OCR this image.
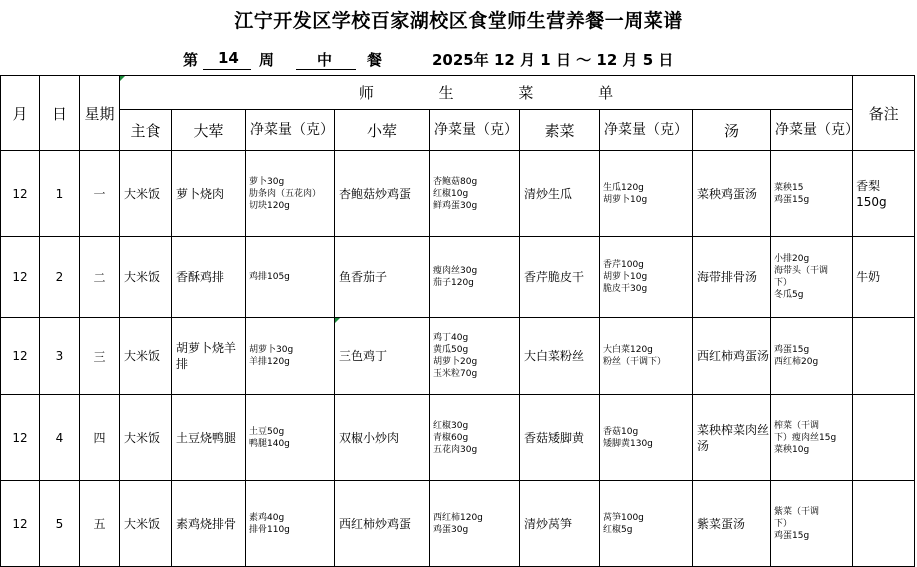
江宁开发区学校百家湖校区食堂师生营养餐一周菜谱
第 14 周	中 餐	2025年 12 月 1 日 ～ 12 月 5 日
月	日	星期	师 生 菜 单									备注
			主食	大荤	净菜量（克）	小荤	净菜量（克）	素菜	净菜量（克）	汤	净菜量（克）	
12	1	一	大米饭	萝卜烧肉	萝卜30g
肋条肉（五花肉）
切块120g	杏鲍菇炒鸡蛋	杏鲍菇80g
红椒10g
鲜鸡蛋30g	清炒生瓜	生瓜120g
胡萝卜10g	菜秧鸡蛋汤	菜秧15
鸡蛋15g	香梨
150g
12	2	二	大米饭	香酥鸡排	鸡排105g	鱼香茄子	瘦肉丝30g
茄子120g	香芹脆皮干	香芹100g
胡萝卜10g
脆皮干30g	海带排骨汤	小排20g
海带头（干调
下）
冬瓜5g	牛奶
12	3	三	大米饭	胡萝卜烧羊排	胡萝卜30g
羊排120g	三色鸡丁	鸡丁40g
黄瓜50g
胡萝卜20g
玉米粒70g	大白菜粉丝	大白菜120g
粉丝（干调下）	西红柿鸡蛋汤	鸡蛋15g
西红柿20g	
12	4	四	大米饭	土豆烧鸭腿	土豆50g
鸭腿140g	双椒小炒肉	红椒30g
青椒60g
五花肉30g	香菇矮脚黄	香菇10g
矮脚黄130g	菜秧榨菜肉丝汤	榨菜（干调
下）瘦肉丝15g
菜秧10g	
12	5	五	大米饭	素鸡烧排骨	素鸡40g
排骨110g	西红柿炒鸡蛋	西红柿120g
鸡蛋30g	清炒莴笋	莴笋100g
红椒5g	紫菜蛋汤	紫菜（干调
下）
鸡蛋15g	
